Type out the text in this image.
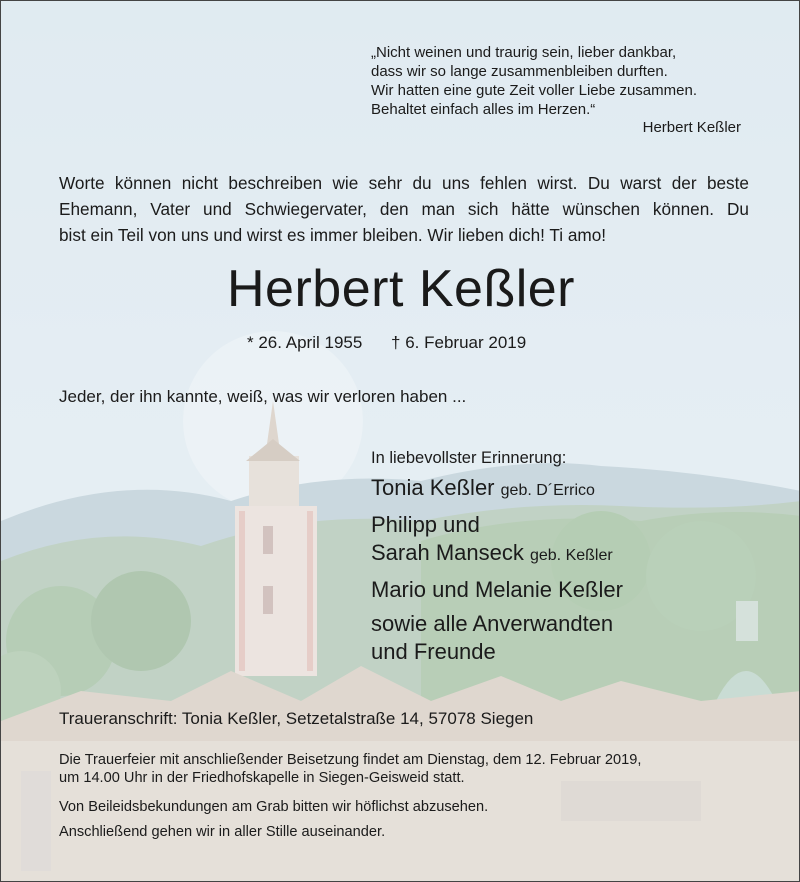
„Nicht weinen und traurig sein, lieber dankbar,
dass wir so lange zusammenbleiben durften.
Wir hatten eine gute Zeit voller Liebe zusammen.
Behaltet einfach alles im Herzen.“
Herbert Keßler
Worte können nicht beschreiben wie sehr du uns fehlen wirst. Du warst der beste
Ehemann, Vater und Schwiegervater, den man sich hätte wünschen können. Du
bist ein Teil von uns und wirst es immer bleiben. Wir lieben dich! Ti amo!
Herbert Keßler
* 26. April 1955 † 6. Februar 2019
Jeder, der ihn kannte, weiß, was wir verloren haben ...
In liebevollster Erinnerung:
Tonia Keßler geb. D´Errico
Philipp und
Sarah Manseck geb. Keßler
Mario und Melanie Keßler
sowie alle Anverwandten
und Freunde
Traueranschrift: Tonia Keßler, Setzetalstraße 14, 57078 Siegen
Die Trauerfeier mit anschließender Beisetzung findet am Dienstag, dem 12. Februar 2019,
um 14.00 Uhr in der Friedhofskapelle in Siegen-Geisweid statt.
Von Beileidsbekundungen am Grab bitten wir höflichst abzusehen.
Anschließend gehen wir in aller Stille auseinander.
